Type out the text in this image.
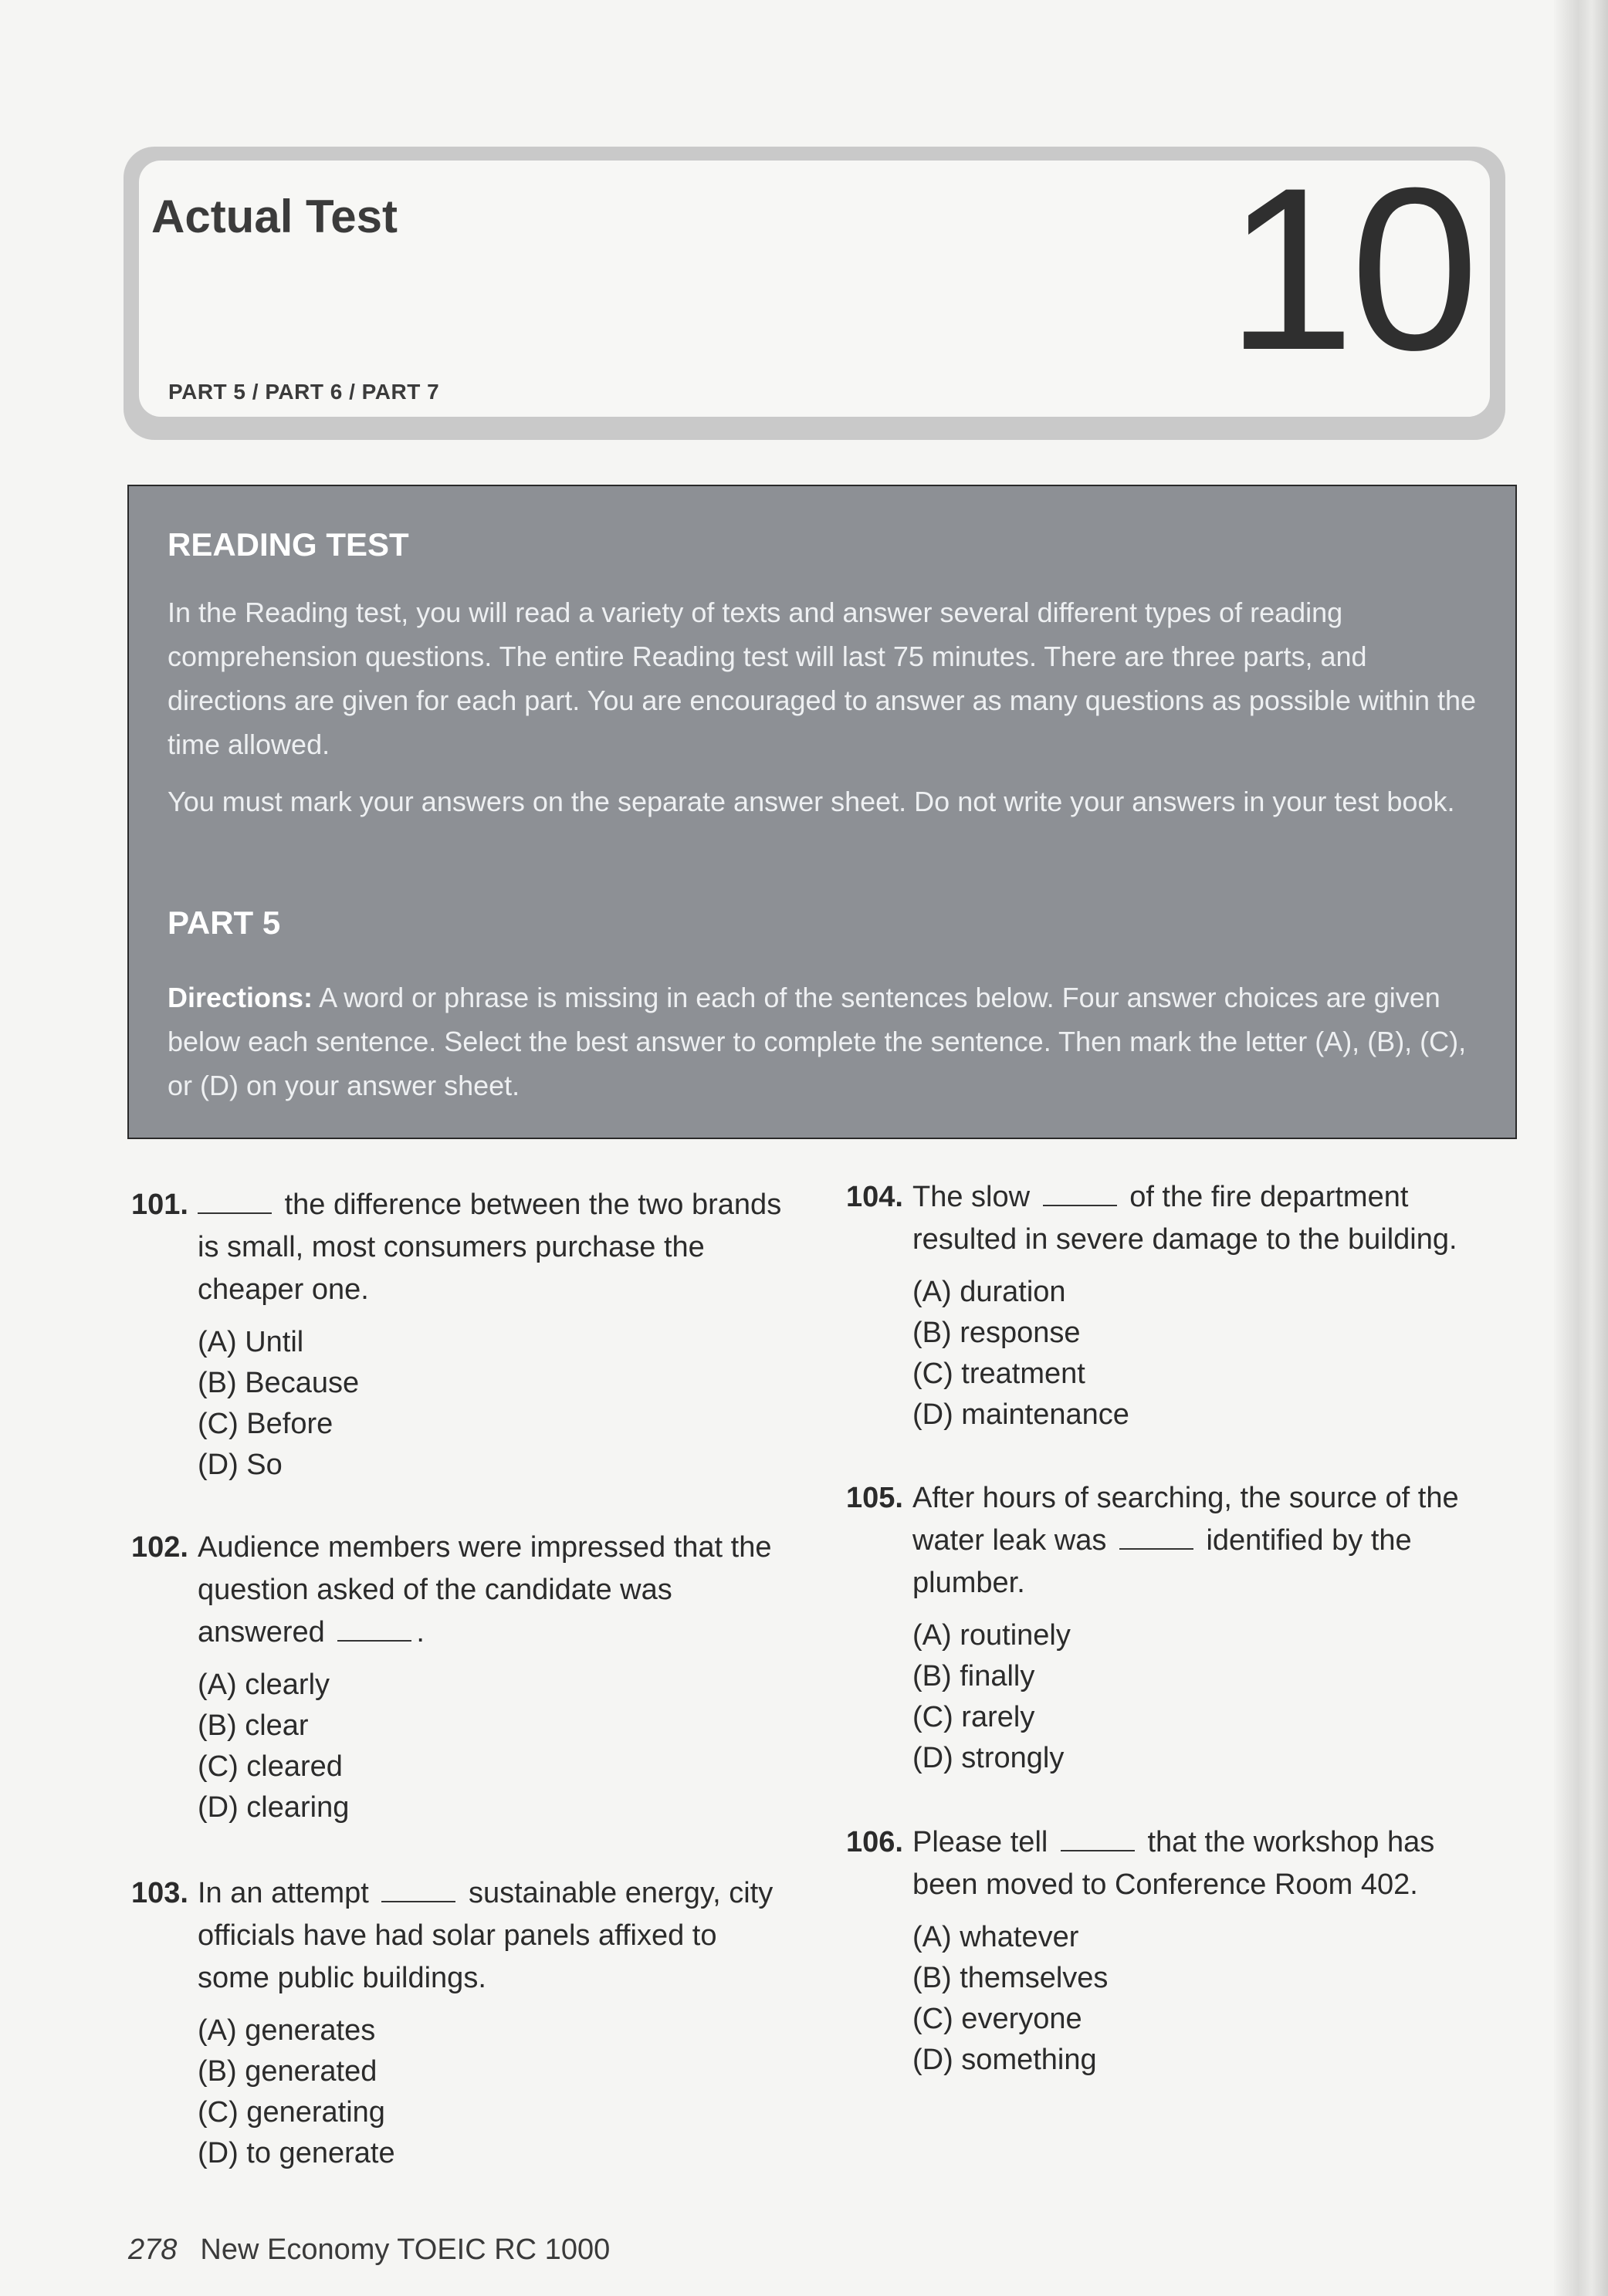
Actual Test
PART 5 / PART 6 / PART 7	10
READING TEST

In the Reading test, you will read a variety of texts and answer several different types of reading comprehension questions. The entire Reading test will last 75 minutes. There are three parts, and directions are given for each part. You are encouraged to answer as many questions as possible within the time allowed.

You must mark your answers on the separate answer sheet. Do not write your answers in your test book.

PART 5

Directions: A word or phrase is missing in each of the sentences below. Four answer choices are given below each sentence. Select the best answer to complete the sentence. Then mark the letter (A), (B), (C), or (D) on your answer sheet.

101.	the difference between the two brands is small, most consumers purchase the cheaper one.
(A) Until
(B) Because
(C) Before
(D) So
102. Audience members were impressed that the question asked of the candidate was answered	.
(A) clearly
(B) clear
(C) cleared
(D) clearing
103. In an attempt	sustainable energy, city officials have had solar panels affixed to some public buildings.
(A) generates
(B) generated
(C) generating
(D) to generate
104. The slow	of the fire department resulted in severe damage to the building.
(A) duration
(B) response
(C) treatment
(D) maintenance
105. After hours of searching, the source of the water leak was	identified by the plumber.
(A) routinely
(B) finally
(C) rarely
(D) strongly
106. Please tell	that the workshop has been moved to Conference Room 402.
(A) whatever
(B) themselves
(C) everyone
(D) something
278 New Economy TOEIC RC 1000
